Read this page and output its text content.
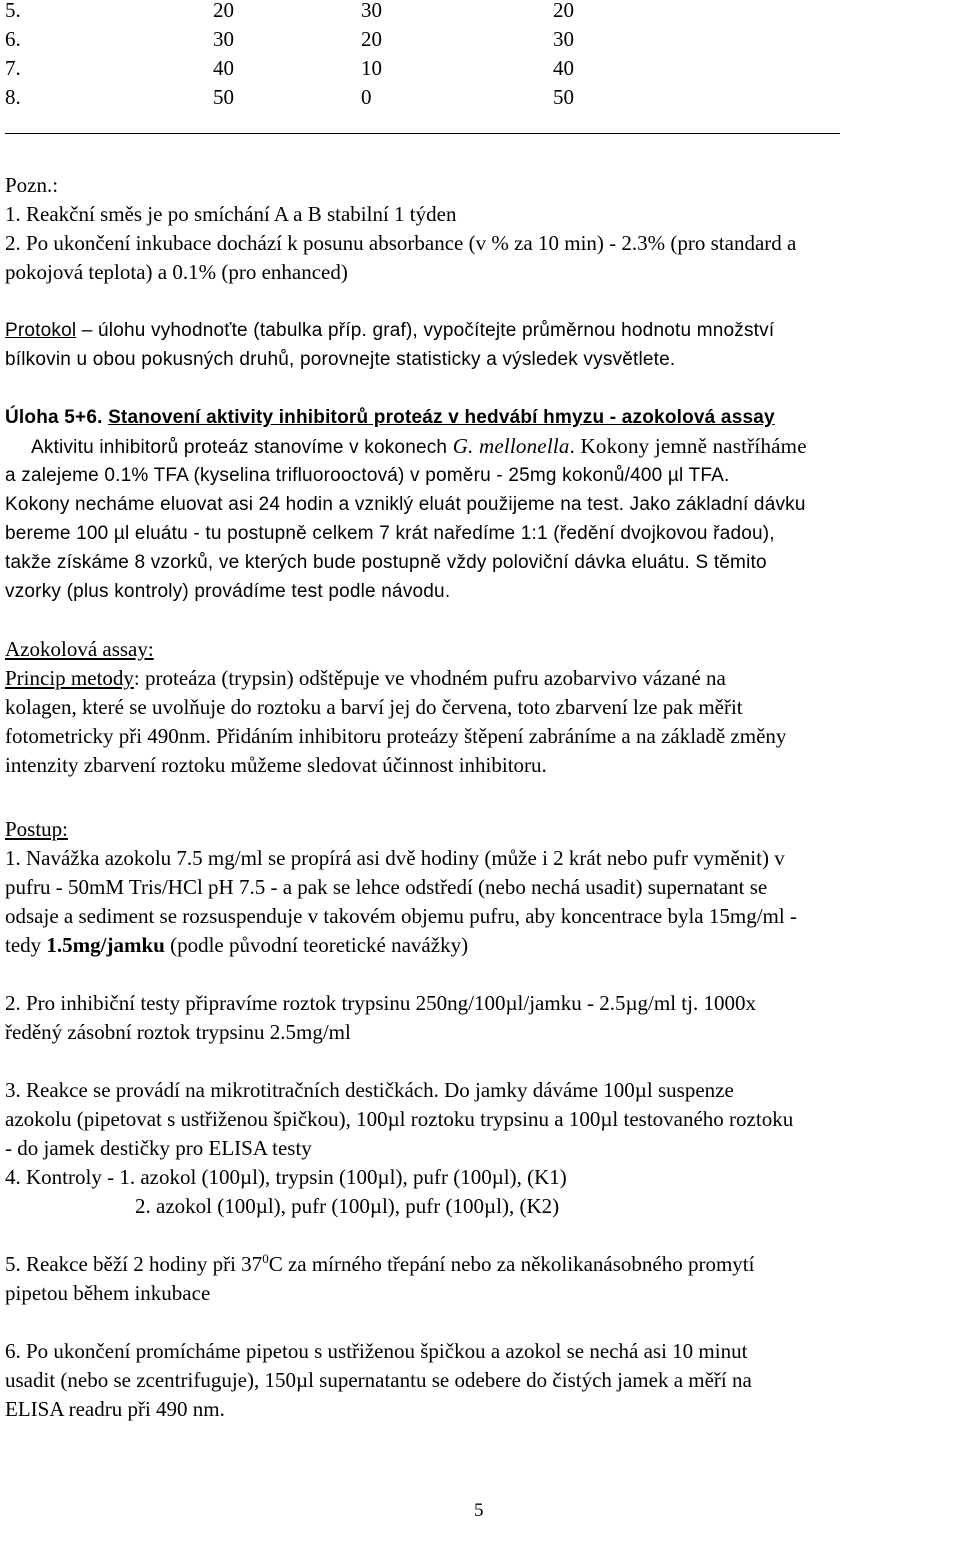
5.	20	30	20
6.	30	20	30
7.	40	10	40
8.	50	0	50
Pozn.:
1. Reakční směs je po smíchání A a B stabilní 1 týden
2. Po ukončení inkubace dochází k posunu absorbance (v % za 10 min) - 2.3% (pro standard a
pokojová teplota) a 0.1% (pro enhanced)
Protokol – úlohu vyhodnoťte (tabulka příp. graf), vypočítejte průměrnou hodnotu množství
bílkovin u obou pokusných druhů, porovnejte statisticky a výsledek vysvětlete.
Úloha 5+6. Stanovení aktivity inhibitorů proteáz v hedvábí hmyzu - azokolová assay
Aktivitu inhibitorů proteáz stanovíme v kokonech G. mellonella. Kokony jemně nastříháme
a zalejeme 0.1% TFA (kyselina trifluorooctová) v poměru - 25mg kokonů/400 µl TFA.
Kokony necháme eluovat asi 24 hodin a vzniklý eluát použijeme na test. Jako základní dávku
bereme 100 µl eluátu - tu postupně celkem 7 krát naředíme 1:1 (ředění dvojkovou řadou),
takže získáme 8 vzorků, ve kterých bude postupně vždy poloviční dávka eluátu. S těmito
vzorky (plus kontroly) provádíme test podle návodu.
Azokolová assay:
Princip metody: proteáza (trypsin) odštěpuje ve vhodném pufru azobarvivo vázané na
kolagen, které se uvolňuje do roztoku a barví jej do červena, toto zbarvení lze pak měřit
fotometricky při 490nm. Přidáním inhibitoru proteázy štěpení zabráníme a na základě změny
intenzity zbarvení roztoku můžeme sledovat účinnost inhibitoru.
Postup:
1. Navážka azokolu 7.5 mg/ml se propírá asi dvě hodiny (může i 2 krát nebo pufr vyměnit) v
pufru - 50mM Tris/HCl pH 7.5 - a pak se lehce odstředí (nebo nechá usadit) supernatant se
odsaje a sediment se rozsuspenduje v takovém objemu pufru, aby koncentrace byla 15mg/ml -
tedy 1.5mg/jamku (podle původní teoretické navážky)
2. Pro inhibiční testy připravíme roztok trypsinu 250ng/100µl/jamku - 2.5µg/ml tj. 1000x
ředěný zásobní roztok trypsinu 2.5mg/ml
3. Reakce se provádí na mikrotitračních destičkách. Do jamky dáváme 100µl suspenze
azokolu (pipetovat s ustřiženou špičkou), 100µl roztoku trypsinu a 100µl testovaného roztoku
- do jamek destičky pro ELISA testy
4. Kontroly - 1. azokol (100µl), trypsin (100µl), pufr (100µl), (K1)
2. azokol (100µl), pufr (100µl), pufr (100µl), (K2)
5. Reakce běží 2 hodiny při $37^0C$ za mírného třepání nebo za několikanásobného promytí
pipetou během inkubace
6. Po ukončení promícháme pipetou s ustřiženou špičkou a azokol se nechá asi 10 minut
usadit (nebo se zcentrifuguje), 150µl supernatantu se odebere do čistých jamek a měří na
ELISA readru při 490 nm.
5
